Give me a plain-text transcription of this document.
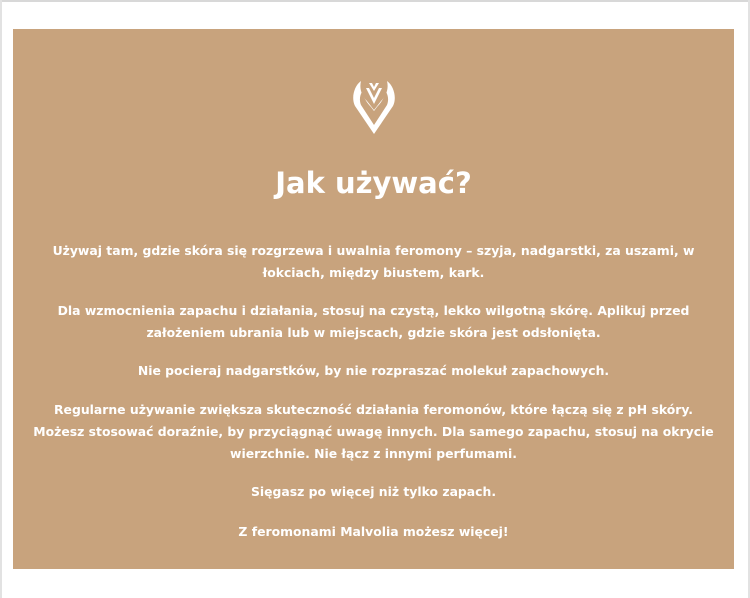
Jak używać?
Używaj tam, gdzie skóra się rozgrzewa i uwalnia feromony – szyja, nadgarstki, za uszami, w łokciach, między biustem, kark.
Dla wzmocnienia zapachu i działania, stosuj na czystą, lekko wilgotną skórę. Aplikuj przed założeniem ubrania lub w miejscach, gdzie skóra jest odsłonięta.
Nie pocieraj nadgarstków, by nie rozpraszać molekuł zapachowych.
Regularne używanie zwiększa skuteczność działania feromonów, które łączą się z pH skóry. Możesz stosować doraźnie, by przyciągnąć uwagę innych. Dla samego zapachu, stosuj na okrycie wierzchnie. Nie łącz z innymi perfumami.
Sięgasz po więcej niż tylko zapach.
Z feromonami Malvolia możesz więcej!
